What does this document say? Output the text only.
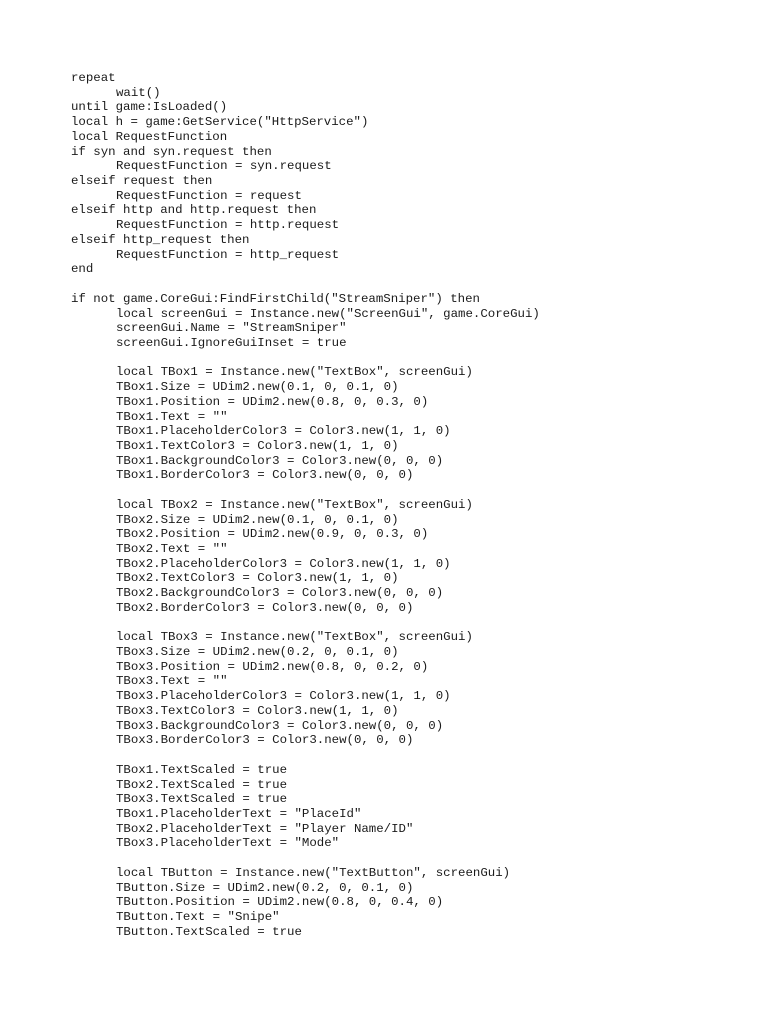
repeat
wait()
until game:IsLoaded()
local h = game:GetService("HttpService")
local RequestFunction
if syn and syn.request then
RequestFunction = syn.request
elseif request then
RequestFunction = request
elseif http and http.request then
RequestFunction = http.request
elseif http_request then
RequestFunction = http_request
end
if not game.CoreGui:FindFirstChild("StreamSniper") then
local screenGui = Instance.new("ScreenGui", game.CoreGui)
screenGui.Name = "StreamSniper"
screenGui.IgnoreGuiInset = true
local TBox1 = Instance.new("TextBox", screenGui)
TBox1.Size = UDim2.new(0.1, 0, 0.1, 0)
TBox1.Position = UDim2.new(0.8, 0, 0.3, 0)
TBox1.Text = ""
TBox1.PlaceholderColor3 = Color3.new(1, 1, 0)
TBox1.TextColor3 = Color3.new(1, 1, 0)
TBox1.BackgroundColor3 = Color3.new(0, 0, 0)
TBox1.BorderColor3 = Color3.new(0, 0, 0)
local TBox2 = Instance.new("TextBox", screenGui)
TBox2.Size = UDim2.new(0.1, 0, 0.1, 0)
TBox2.Position = UDim2.new(0.9, 0, 0.3, 0)
TBox2.Text = ""
TBox2.PlaceholderColor3 = Color3.new(1, 1, 0)
TBox2.TextColor3 = Color3.new(1, 1, 0)
TBox2.BackgroundColor3 = Color3.new(0, 0, 0)
TBox2.BorderColor3 = Color3.new(0, 0, 0)
local TBox3 = Instance.new("TextBox", screenGui)
TBox3.Size = UDim2.new(0.2, 0, 0.1, 0)
TBox3.Position = UDim2.new(0.8, 0, 0.2, 0)
TBox3.Text = ""
TBox3.PlaceholderColor3 = Color3.new(1, 1, 0)
TBox3.TextColor3 = Color3.new(1, 1, 0)
TBox3.BackgroundColor3 = Color3.new(0, 0, 0)
TBox3.BorderColor3 = Color3.new(0, 0, 0)
TBox1.TextScaled = true
TBox2.TextScaled = true
TBox3.TextScaled = true
TBox1.PlaceholderText = "PlaceId"
TBox2.PlaceholderText = "Player Name/ID"
TBox3.PlaceholderText = "Mode"
local TButton = Instance.new("TextButton", screenGui)
TButton.Size = UDim2.new(0.2, 0, 0.1, 0)
TButton.Position = UDim2.new(0.8, 0, 0.4, 0)
TButton.Text = "Snipe"
TButton.TextScaled = true
